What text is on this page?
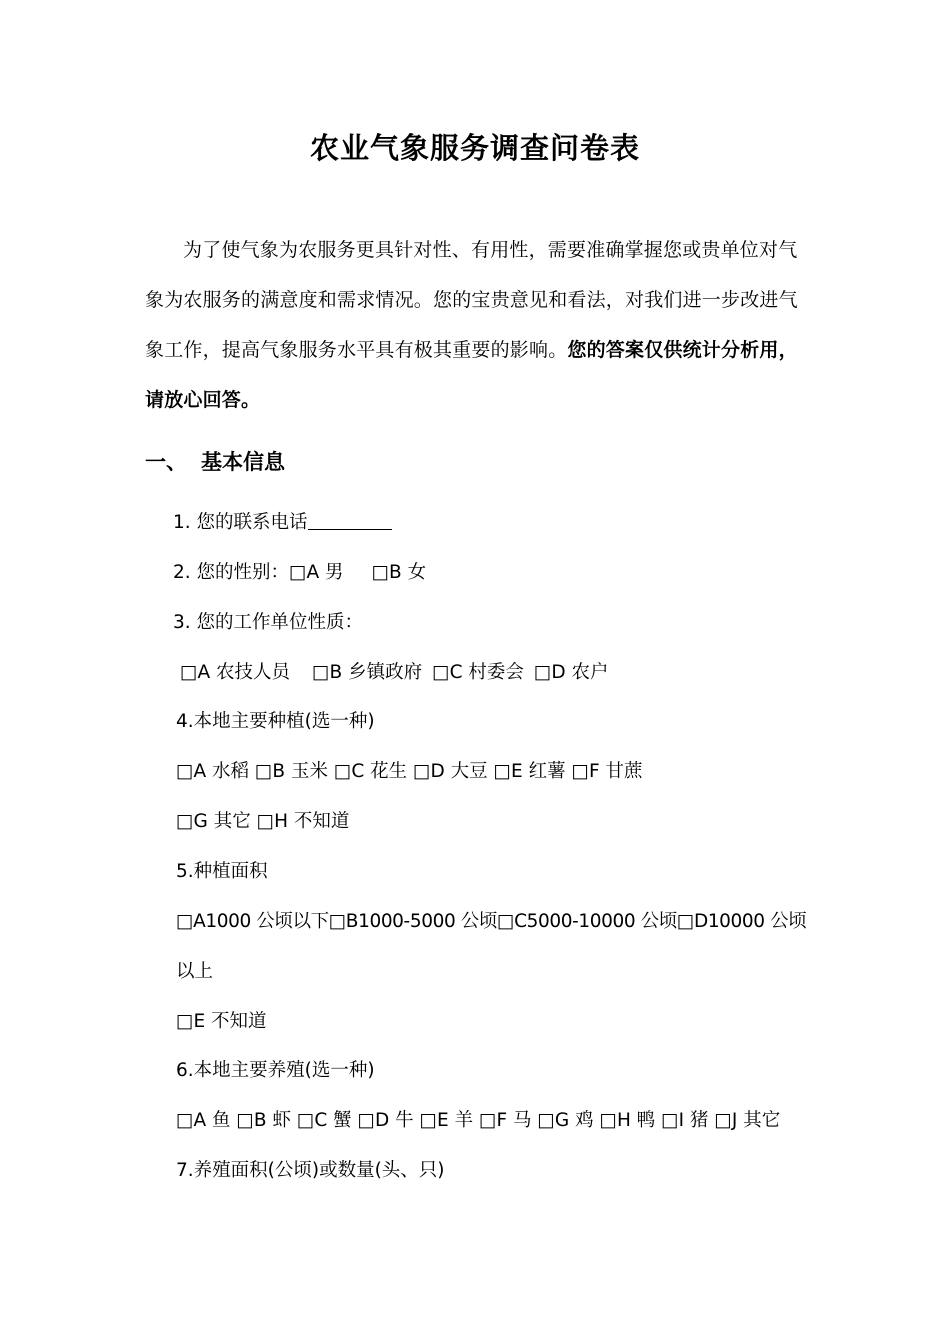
农业气象服务调查问卷表

为了使气象为农服务更具针对性、有用性，需要准确掌握您或贵单位对气象为农服务的满意度和需求情况。您的宝贵意见和看法，对我们进一步改进气象工作，提高气象服务水平具有极其重要的影响。您的答案仅供统计分析用，请放心回答。

一、 基本信息
1. 您的联系电话
2. 您的性别：□A 男 □B 女
3. 您的工作单位性质：
□A 农技人员 □B 乡镇政府 □C 村委会 □D 农户
4.本地主要种植(选一种)
□A 水稻 □B 玉米 □C 花生 □D 大豆 □E 红薯 □F 甘蔗
□G 其它 □H 不知道
5.种植面积
□A1000 公顷以下□B1000-5000 公顷□C5000-10000 公顷□D10000 公顷
以上
□E 不知道
6.本地主要养殖(选一种)
□A 鱼 □B 虾 □C 蟹 □D 牛 □E 羊 □F 马 □G 鸡 □H 鸭 □I 猪 □J 其它
7.养殖面积(公顷)或数量(头、只)
